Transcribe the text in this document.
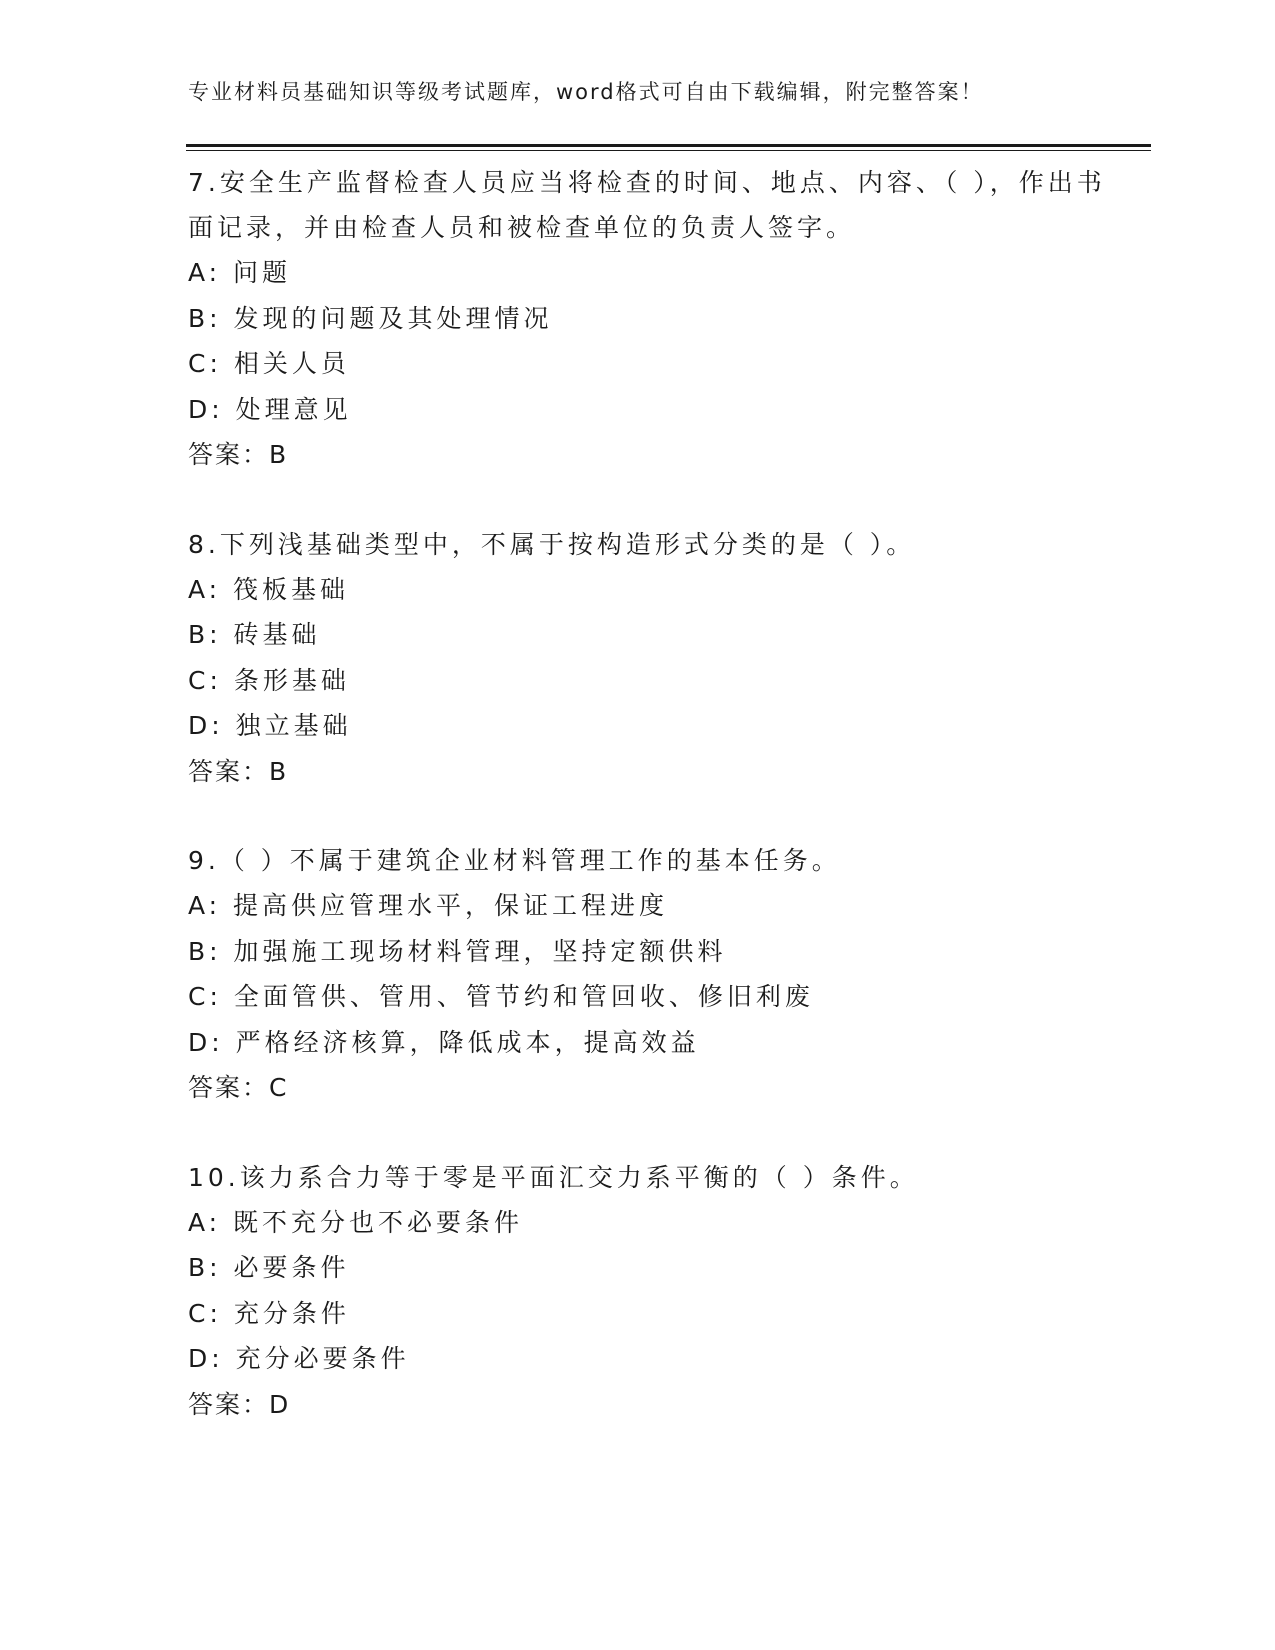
专业材料员基础知识等级考试题库，word格式可自由下载编辑，附完整答案！

7.安全生产监督检查人员应当将检查的时间、地点、内容、（ ），作出书面记录，并由检查人员和被检查单位的负责人签字。

A: 问题

B: 发现的问题及其处理情况

C: 相关人员

D: 处理意见

答案：B

8.下列浅基础类型中，不属于按构造形式分类的是（ ）。

A: 筏板基础

B: 砖基础

C: 条形基础

D: 独立基础

答案：B

9.（ ）不属于建筑企业材料管理工作的基本任务。

A: 提高供应管理水平，保证工程进度

B: 加强施工现场材料管理，坚持定额供料

C: 全面管供、管用、管节约和管回收、修旧利废

D: 严格经济核算，降低成本，提高效益

答案：C

10.该力系合力等于零是平面汇交力系平衡的（ ）条件。

A: 既不充分也不必要条件

B: 必要条件

C: 充分条件

D: 充分必要条件

答案：D
